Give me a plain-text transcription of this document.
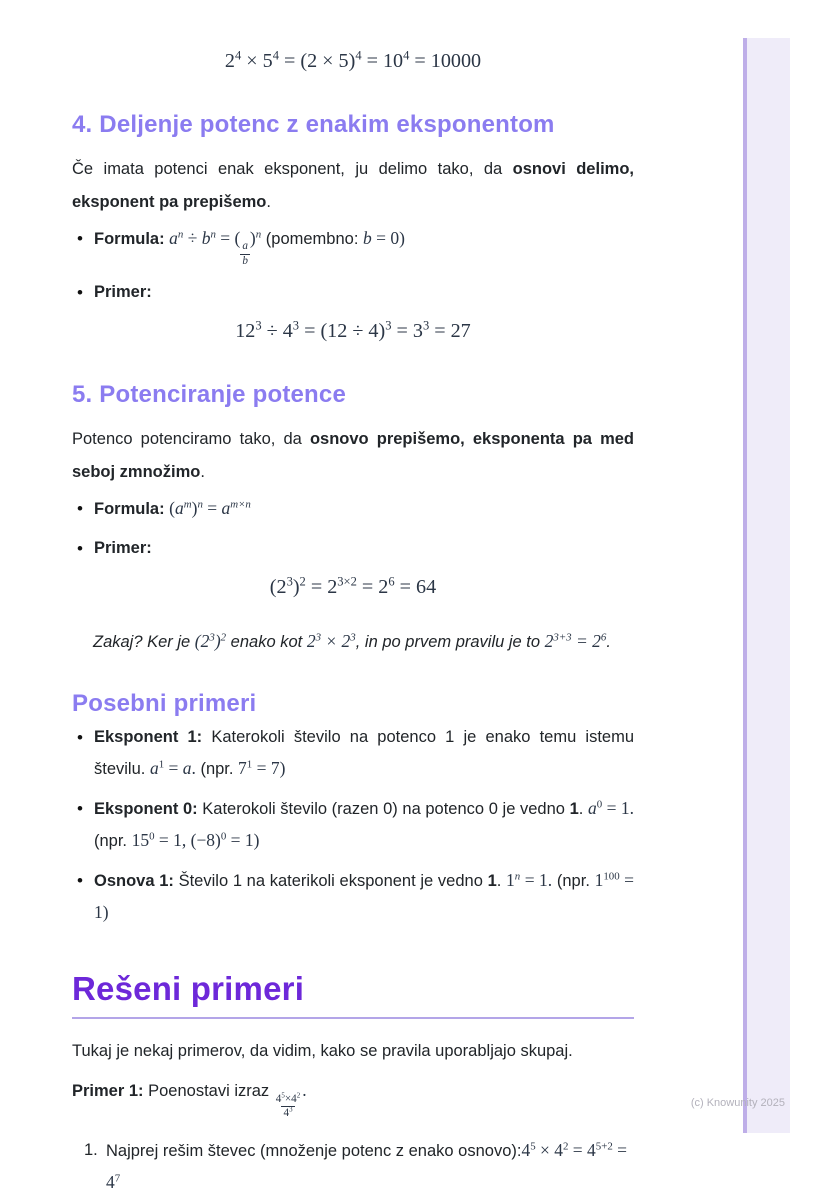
$2^4 \times 5^4 = (2 \times 5)^4 = 10^4 = 10000$
4. Deljenje potenc z enakim eksponentom

Če imata potenci enak eksponent, ju delimo tako, da osnovi delimo, eksponent pa prepišemo.

• Formula: $a^n \div b^n$ = (
$\frac{a}{b}$
)$^n$ (pomembno: b = 0)
• Primer:
$12^3 \div 4^3 = (12 \div 4)^3 = 3^3 = 27$
5. Potenciranje potence

Potenco potenciramo tako, da osnovo prepišemo, eksponenta pa med seboj zmnožimo.

• Formula: $(a^m)^n = a^{m\times n}$
• Primer:
$(2^3)^2 = 2^{3\times 2} = 2^6 = 64$

Zakaj? Ker je $(2^3)^2$ enako kot $2^3 \times 2^3$, in po prvem pravilu je to $2^{3+3} = 2^6$.

Posebni primeri
• Eksponent 1: Katerokoli število na potenco 1 je enako temu istemu številu. $a^1 = a$. (npr. $7^1 = 7$)
• Eksponent 0: Katerokoli število (razen 0) na potenco 0 je vedno 1. $a^0 = 1$. (npr. $15^0 = 1$, $(-8)^0 = 1$)
• Osnova 1: Število 1 na katerikoli eksponent je vedno 1. $1^n = 1$. (npr. $1^{100} = 1$)
Rešeni primeri

Tukaj je nekaj primerov, da vidim, kako se pravila uporabljajo skupaj.

Primer 1: Poenostavi izraz
$\frac{4^5\times 4^2}{4^3}$
.

1. Najprej rešim števec (množenje potenc z enako $osnovo):4^5 \times 4^2 = 4^{5+2} = 4^7$
(c) Knowunity 2025
